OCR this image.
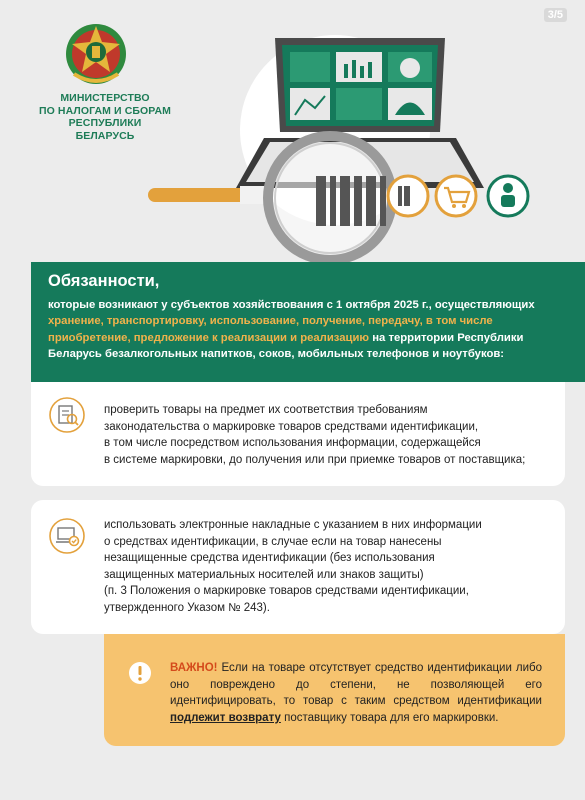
3/5
МИНИСТЕРСТВО
ПО НАЛОГАМ И СБОРАМ
РЕСПУБЛИКИ БЕЛАРУСЬ
Обязанности,
которые возникают у субъектов хозяйствования с 1 октября 2025 г., осуществляющих
хранение, транспортировку, использование, получение, передачу, в том числе
приобретение, предложение к реализации и реализацию на территории Республики
Беларусь безалкогольных напитков, соков, мобильных телефонов и ноутбуков:
проверить товары на предмет их соответствия требованиям
законодательства о маркировке товаров средствами идентификации,
в том числе посредством использования информации, содержащейся
в системе маркировки, до получения или при приемке товаров от поставщика;
использовать электронные накладные с указанием в них информации
о средствах идентификации, в случае если на товар нанесены
незащищенные средства идентификации (без использования
защищенных материальных носителей или знаков защиты)
(п. 3 Положения о маркировке товаров средствами идентификации,
утвержденного Указом № 243).
ВАЖНО! Если на товаре отсутствует средство идентификации либо оно повреждено до степени, не позволяющей его идентифицировать, то товар с таким средством идентификации подлежит возврату поставщику товара для его маркировки.
